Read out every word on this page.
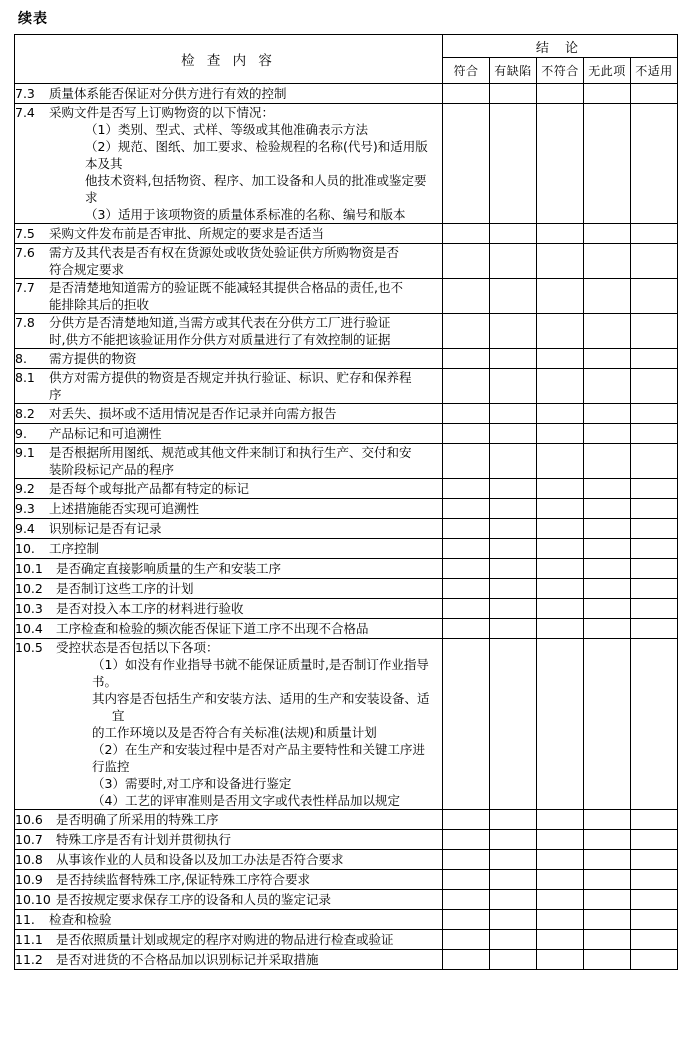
续表
检 查 内 容	结 论				
	符合	有缺陷	不符合	无此项	不适用
7.3 质量体系能否保证对分供方进行有效的控制					

7.4 采购文件是否写上订购物资的以下情况：
（1）类别、型式、式样、等级或其他准确表示方法
（2）规范、图纸、加工要求、检验规程的名称(代号)和适用版本及其
他技术资料,包括物资、程序、加工设备和人员的批准或鉴定要
求
（3）适用于该项物资的质量体系标准的名称、编号和版本

7.5 采购文件发布前是否审批、所规定的要求是否适当					

7.6 需方及其代表是否有权在货源处或收货处验证供方所购物资是否
符合规定要求					

7.7 是否清楚地知道需方的验证既不能减轻其提供合格品的责任,也不
能排除其后的拒收					

7.8 分供方是否清楚地知道,当需方或其代表在分供方工厂进行验证
时,供方不能把该验证用作分供方对质量进行了有效控制的证据					

8. 需方提供的物资					

8.1 供方对需方提供的物资是否规定并执行验证、标识、贮存和保养程
序					

8.2 对丢失、损坏或不适用情况是否作记录并向需方报告					

9. 产品标记和可追溯性					

9.1 是否根据所用图纸、规范或其他文件来制订和执行生产、交付和安
装阶段标记产品的程序					

9.2 是否每个或每批产品都有特定的标记					

9.3 上述措施能否实现可追溯性					

9.4 识别标记是否有记录					

10. 工序控制					

10.1 是否确定直接影响质量的生产和安装工序					

10.2 是否制订这些工序的计划					

10.3 是否对投入本工序的材料进行验收					

10.4 工序检查和检验的频次能否保证下道工序不出现不合格品					

10.5 受控状态是否包括以下各项：
（1）如没有作业指导书就不能保证质量时,是否制订作业指导书。
其内容是否包括生产和安装方法、适用的生产和安装设备、适宜
的工作环境以及是否符合有关标准(法规)和质量计划
（2）在生产和安装过程中是否对产品主要特性和关键工序进行监控
（3）需要时,对工序和设备进行鉴定
（4）工艺的评审准则是否用文字或代表性样品加以规定

10.6 是否明确了所采用的特殊工序					

10.7 特殊工序是否有计划并贯彻执行					

10.8 从事该作业的人员和设备以及加工办法是否符合要求					

10.9 是否持续监督特殊工序,保证特殊工序符合要求					

10.10 是否按规定要求保存工序的设备和人员的鉴定记录					

11. 检查和检验					

11.1 是否依照质量计划或规定的程序对购进的物品进行检查或验证					

11.2 是否对进货的不合格品加以识别标记并采取措施					
